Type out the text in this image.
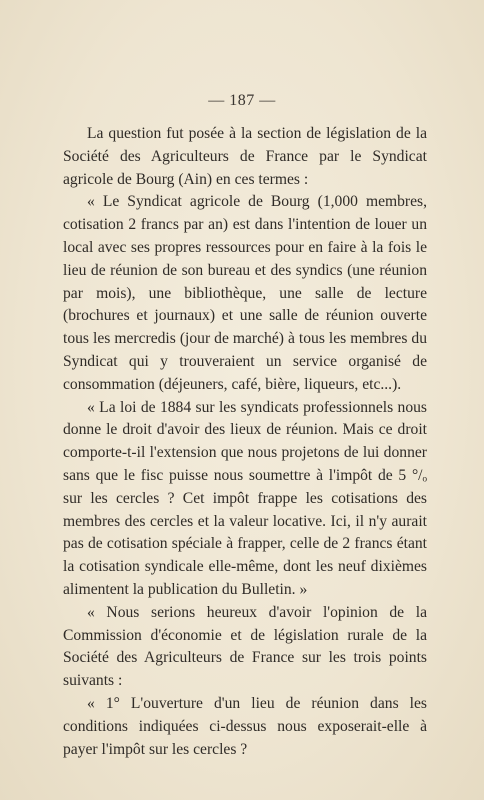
— 187 —

La question fut posée à la section de législation de la Société des Agriculteurs de France par le Syndicat agricole de Bourg (Ain) en ces termes :

« Le Syndicat agricole de Bourg (1,000 membres, cotisation 2 francs par an) est dans l'intention de louer un local avec ses propres ressources pour en faire à la fois le lieu de réunion de son bureau et des syndics (une réunion par mois), une bibliothèque, une salle de lecture (brochures et journaux) et une salle de réunion ouverte tous les mercredis (jour de marché) à tous les membres du Syndicat qui y trouveraient un service organisé de consommation (déjeuners, café, bière, liqueurs, etc...).

« La loi de 1884 sur les syndicats professionnels nous donne le droit d'avoir des lieux de réunion. Mais ce droit comporte-t-il l'extension que nous projetons de lui donner sans que le fisc puisse nous soumettre à l'impôt de 5 °/ₒ sur les cercles ? Cet impôt frappe les cotisations des membres des cercles et la valeur locative. Ici, il n'y aurait pas de cotisation spéciale à frapper, celle de 2 francs étant la cotisation syndicale elle-même, dont les neuf dixièmes alimentent la publication du Bulletin. »

« Nous serions heureux d'avoir l'opinion de la Commission d'économie et de législation rurale de la Société des Agriculteurs de France sur les trois points suivants :

« 1° L'ouverture d'un lieu de réunion dans les conditions indiquées ci-dessus nous exposerait-elle à payer l'impôt sur les cercles ?
